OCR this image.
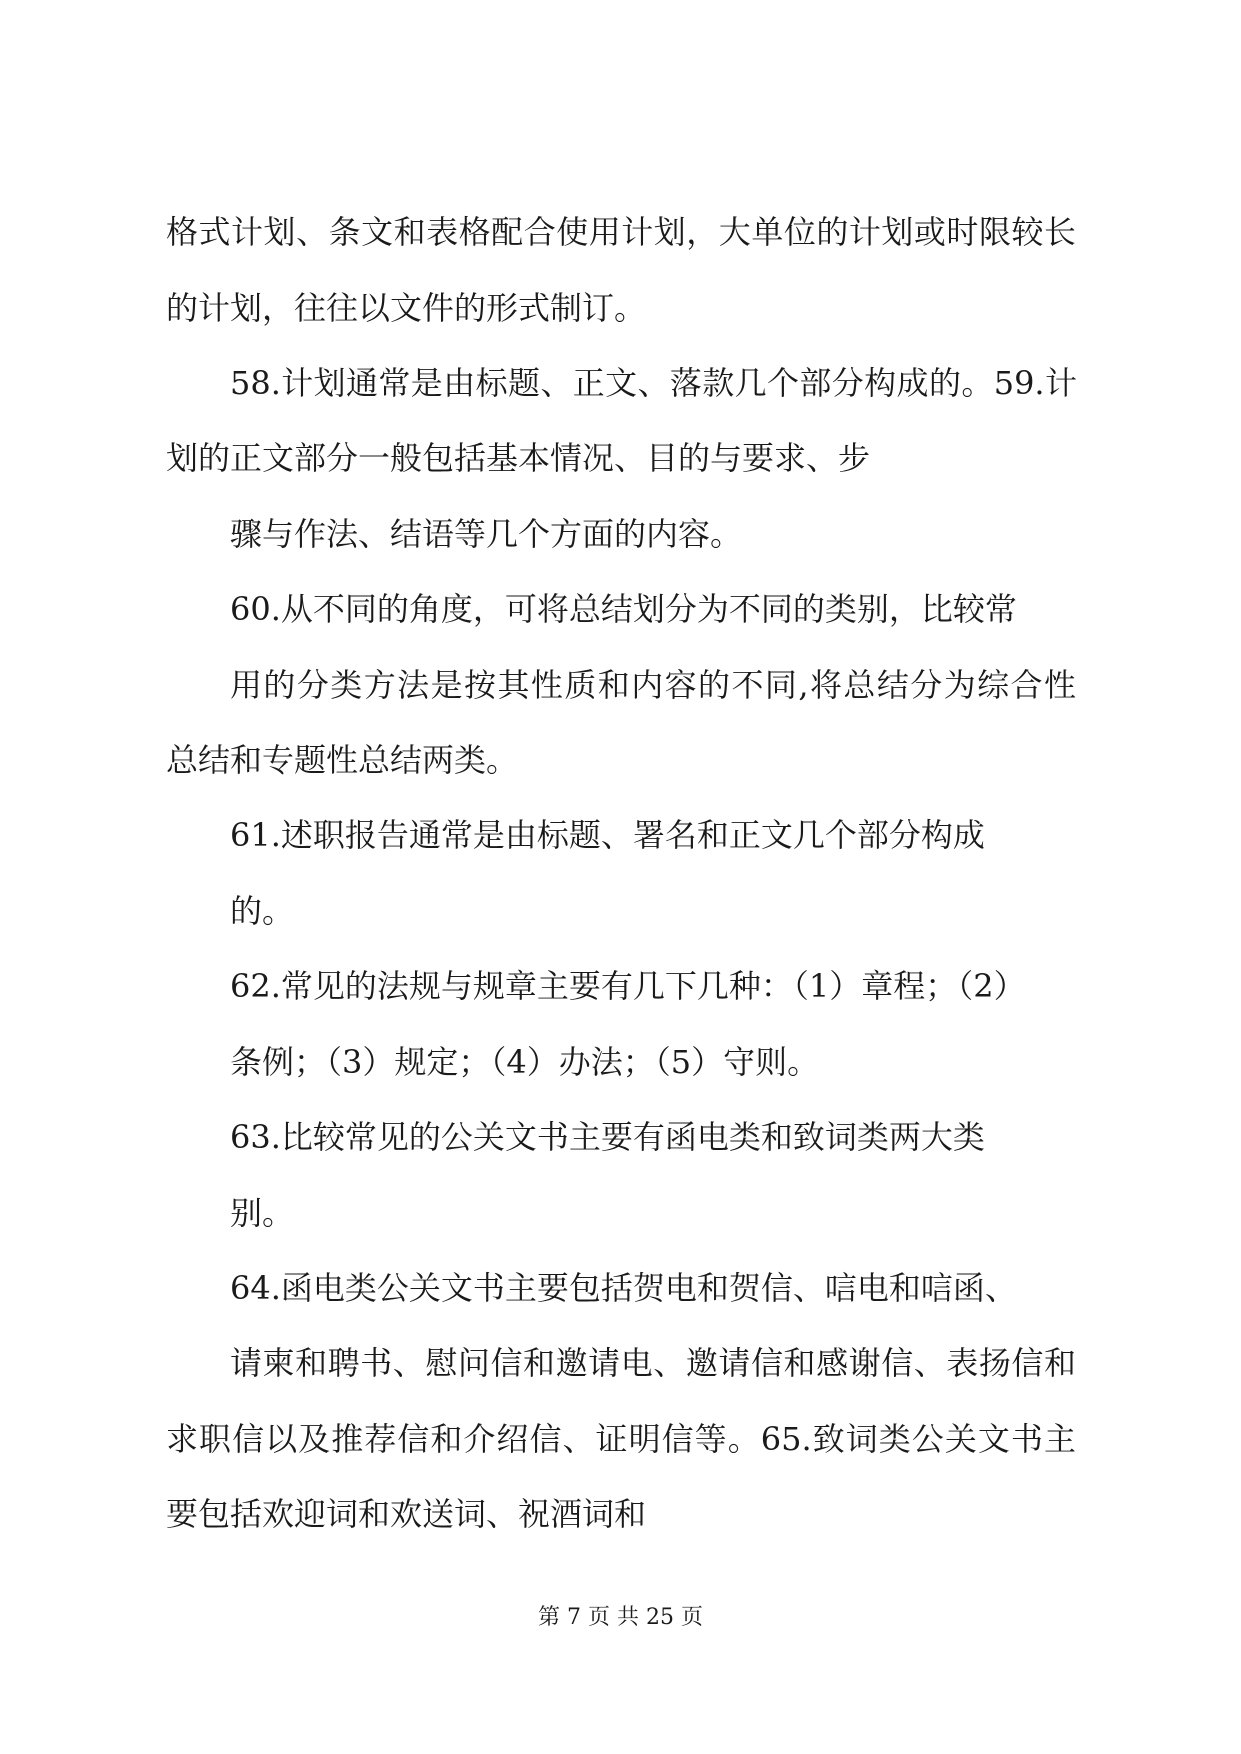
格式计划、条文和表格配合使用计划，大单位的计划或时限较长
的计划，往往以文件的形式制订。
58.计划通常是由标题、正文、落款几个部分构成的。59.计
划的正文部分一般包括基本情况、目的与要求、步
骤与作法、结语等几个方面的内容。
60.从不同的角度，可将总结划分为不同的类别，比较常
用的分类方法是按其性质和内容的不同,将总结分为综合性
总结和专题性总结两类。
61.述职报告通常是由标题、署名和正文几个部分构成
的。
62.常见的法规与规章主要有几下几种：（1）章程；（2）
条例；（3）规定；（4）办法；（5）守则。
63.比较常见的公关文书主要有函电类和致词类两大类
别。
64.函电类公关文书主要包括贺电和贺信、唁电和唁函、
请柬和聘书、慰问信和邀请电、邀请信和感谢信、表扬信和
求职信以及推荐信和介绍信、证明信等。65.致词类公关文书主
要包括欢迎词和欢送词、祝酒词和
第 7 页 共 25 页
